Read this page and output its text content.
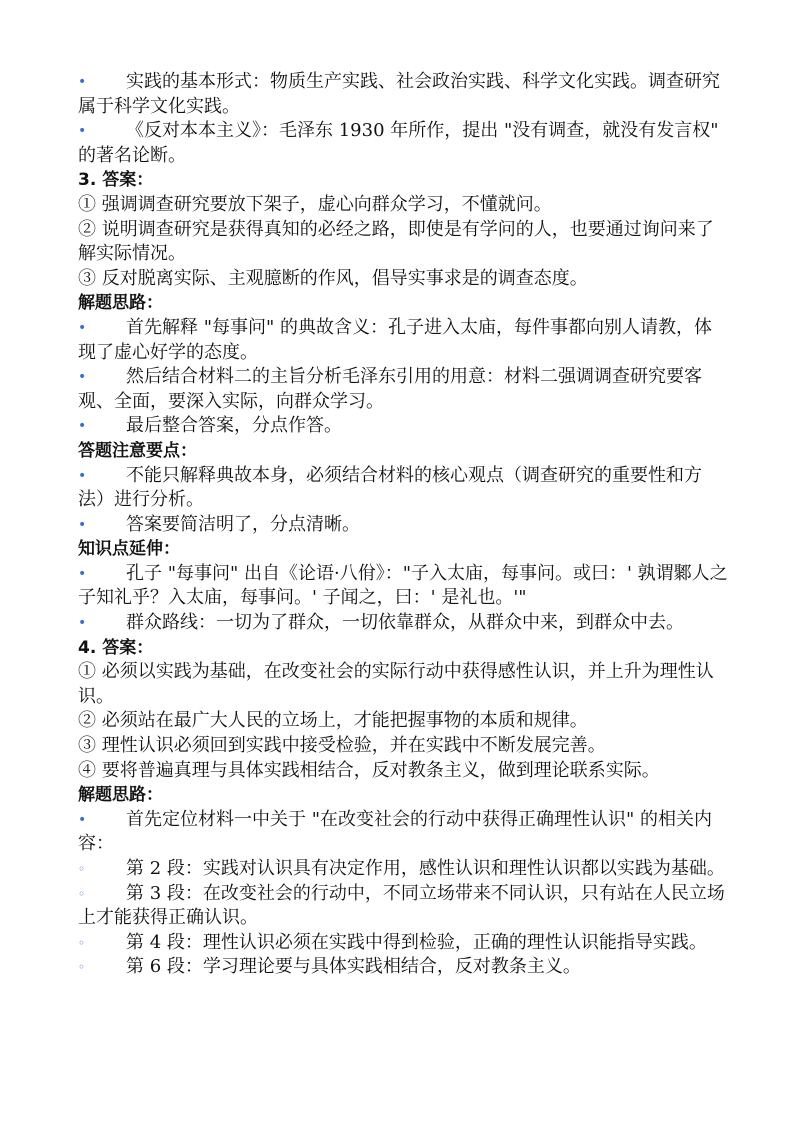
•	实践的基本形式：物质生产实践、社会政治实践、科学文化实践。调查研究属于科学文化实践。
•	《反对本本主义》：毛泽东 1930 年所作，提出 "没有调查，就没有发言权" 的著名论断。
3. 答案：
① 强调调查研究要放下架子，虚心向群众学习，不懂就问。
② 说明调查研究是获得真知的必经之路，即使是有学问的人，也要通过询问来了解实际情况。
③ 反对脱离实际、主观臆断的作风，倡导实事求是的调查态度。
解题思路：
•	首先解释 "每事问" 的典故含义：孔子进入太庙，每件事都向别人请教，体现了虚心好学的态度。
•	然后结合材料二的主旨分析毛泽东引用的用意：材料二强调调查研究要客观、全面，要深入实际，向群众学习。
•	最后整合答案，分点作答。
答题注意要点：
•	不能只解释典故本身，必须结合材料的核心观点（调查研究的重要性和方法）进行分析。
•	答案要简洁明了，分点清晰。
知识点延伸：
•	孔子 "每事问" 出自《论语·八佾》："子入太庙，每事问。或曰：' 孰谓鄹人之子知礼乎？入太庙，每事问。' 子闻之，曰：' 是礼也。'"
•	群众路线：一切为了群众，一切依靠群众，从群众中来，到群众中去。
4. 答案：
① 必须以实践为基础，在改变社会的实际行动中获得感性认识，并上升为理性认识。
② 必须站在最广大人民的立场上，才能把握事物的本质和规律。
③ 理性认识必须回到实践中接受检验，并在实践中不断发展完善。
④ 要将普遍真理与具体实践相结合，反对教条主义，做到理论联系实际。
解题思路：
•	首先定位材料一中关于 "在改变社会的行动中获得正确理性认识" 的相关内容：
◦	第 2 段：实践对认识具有决定作用，感性认识和理性认识都以实践为基础。
◦	第 3 段：在改变社会的行动中，不同立场带来不同认识，只有站在人民立场上才能获得正确认识。
◦	第 4 段：理性认识必须在实践中得到检验，正确的理性认识能指导实践。
◦	第 6 段：学习理论要与具体实践相结合，反对教条主义。
